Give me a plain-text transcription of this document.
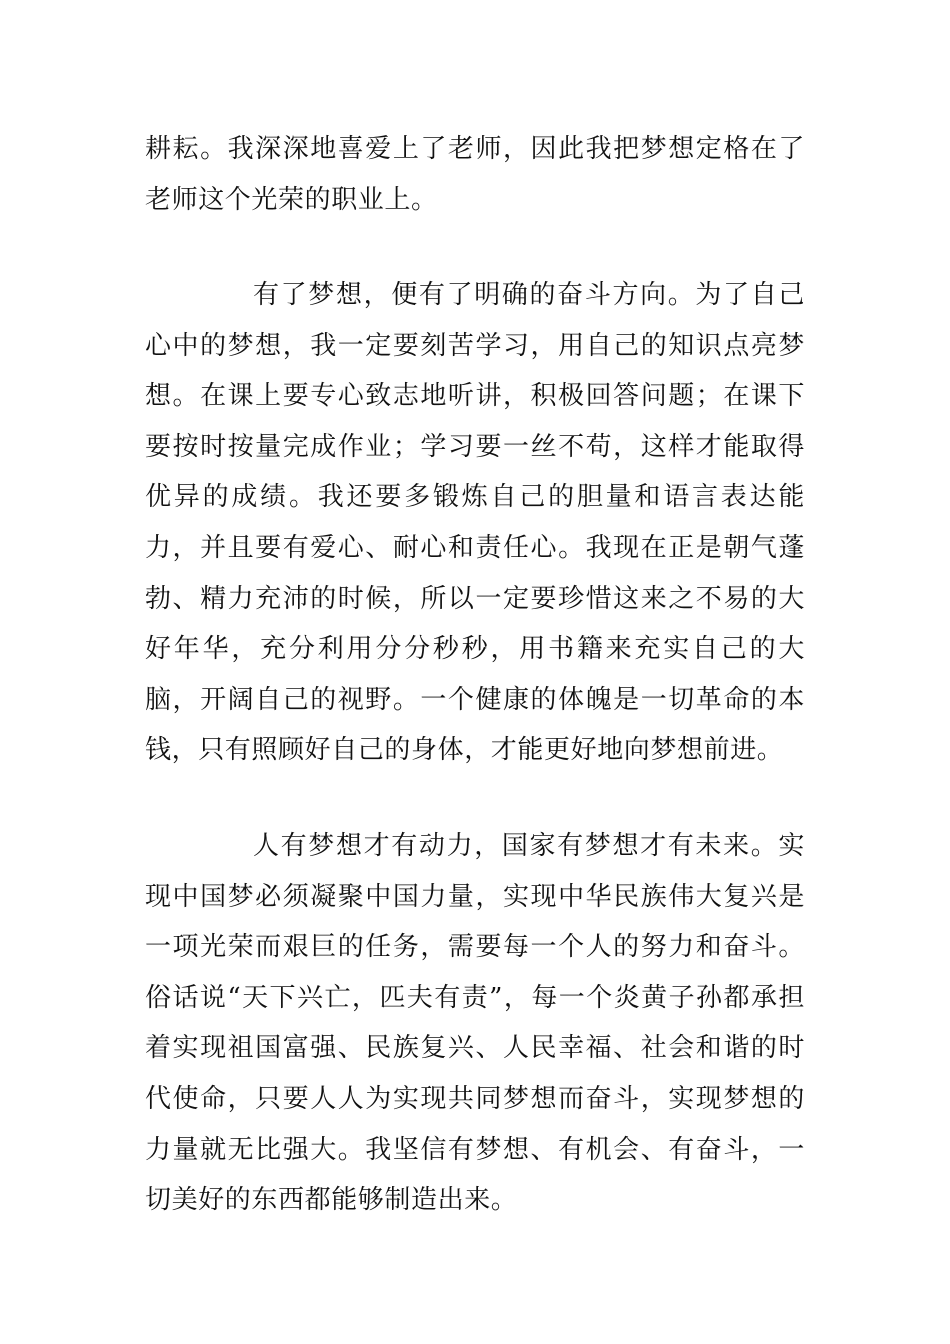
耕耘。我深深地喜爱上了老师，因此我把梦想定格在了老师这个光荣的职业上。

有了梦想，便有了明确的奋斗方向。为了自己心中的梦想，我一定要刻苦学习，用自己的知识点亮梦想。在课上要专心致志地听讲，积极回答问题；在课下要按时按量完成作业；学习要一丝不苟，这样才能取得优异的成绩。我还要多锻炼自己的胆量和语言表达能力，并且要有爱心、耐心和责任心。我现在正是朝气蓬勃、精力充沛的时候，所以一定要珍惜这来之不易的大好年华，充分利用分分秒秒，用书籍来充实自己的大脑，开阔自己的视野。一个健康的体魄是一切革命的本钱，只有照顾好自己的身体，才能更好地向梦想前进。

人有梦想才有动力，国家有梦想才有未来。实现中国梦必须凝聚中国力量，实现中华民族伟大复兴是一项光荣而艰巨的任务，需要每一个人的努力和奋斗。俗话说“天下兴亡，匹夫有责”，每一个炎黄子孙都承担着实现祖国富强、民族复兴、人民幸福、社会和谐的时代使命，只要人人为实现共同梦想而奋斗，实现梦想的力量就无比强大。我坚信有梦想、有机会、有奋斗，一切美好的东西都能够制造出来。
